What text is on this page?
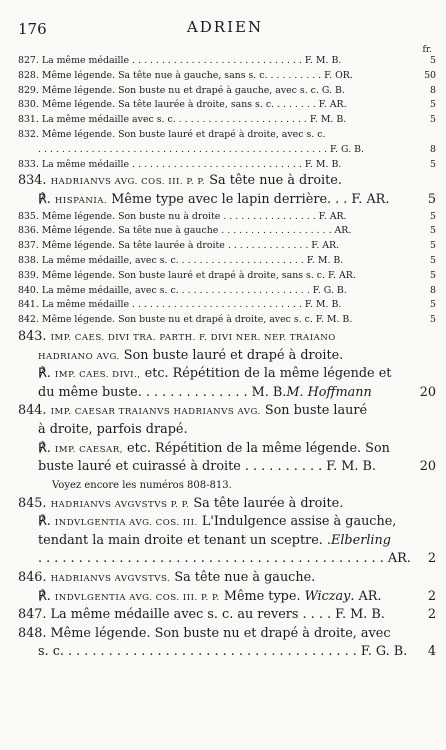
176	ADRIEN
fr.
827. La même médaille . . . . . . . . . . . . . . . . . . . . . . . . . . . . . F. M. B.	5
828. Même légende. Sa tête nue à gauche, sans s. c. . . . . . . . . . F. OR.	50
829. Même légende. Son buste nu et drapé à gauche, avec s. c. G. B.	8
830. Même légende. Sa tête laurée à droite, sans s. c. . . . . . . . F. AR.	5
831. La même médaille avec s. c. . . . . . . . . . . . . . . . . . . . . . . F. M. B.	5
832. Même légende. Son buste lauré et drapé à droite, avec s. c.
. . . . . . . . . . . . . . . . . . . . . . . . . . . . . . . . . . . . . . . . . . . . . . . . . F. G. B.	8
833. La même médaille . . . . . . . . . . . . . . . . . . . . . . . . . . . . . F. M. B.	5
834. HADRIANVS AVG. COS. III. P. P. Sa tête nue à droite.
℟. HISPANIA. Même type avec le lapin derrière. . . F. AR.	5
835. Même légende. Son buste nu à droite . . . . . . . . . . . . . . . . F. AR.	5
836. Même légende. Sa tête nue à gauche . . . . . . . . . . . . . . . . . . . AR.	5
837. Même légende. Sa tête laurée à droite . . . . . . . . . . . . . . F. AR.	5
838. La même médaille, avec s. c. . . . . . . . . . . . . . . . . . . . . . F. M. B.	5
839. Même légende. Son buste lauré et drapé à droite, sans s. c. F. AR.	5
840. La même médaille, avec s. c. . . . . . . . . . . . . . . . . . . . . . . F. G. B.	8
841. La même médaille . . . . . . . . . . . . . . . . . . . . . . . . . . . . . F. M. B.	5
842. Même légende. Son buste nu et drapé à droite, avec s. c. F. M. B.	5
843. IMP. CAES. DIVI TRA. PARTH. F. DIVI NER. NEP. TRAIANO
HADRIANO AVG. Son buste lauré et drapé à droite.
℟. IMP. CAES. DIVI., etc. Répétition de la même légende et
du même buste. . . . . . . . . . . . . . M. B.M. Hoffmann	20
844. IMP. CAESAR TRAIANVS HADRIANVS AVG. Son buste lauré
à droite, parfois drapé.
℟. IMP. CAESAR, etc. Répétition de la même légende. Son
buste lauré et cuirassé à droite . . . . . . . . . . F. M. B.	20
Voyez encore les numéros 808-813.
845. HADRIANVS AVGVSTVS P. P. Sa tête laurée à droite.
℟. INDVLGENTIA AVG. COS. III. L'Indulgence assise à gauche,
tendant la main droite et tenant un sceptre. .Elberling
. . . . . . . . . . . . . . . . . . . . . . . . . . . . . . . . . . . . . . . . . . . AR. 2
846. HADRIANVS AVGVSTVS. Sa tête nue à gauche.
℟. INDVLGENTIA AVG. COS. III. P. P. Même type. Wiczay. AR.	2
847. La même médaille avec s. c. au revers . . . . F. M. B.	2
848. Même légende. Son buste nu et drapé à droite, avec
s. c. . . . . . . . . . . . . . . . . . . . . . . . . . . . . . . . . . . . . F. G. B. 4
